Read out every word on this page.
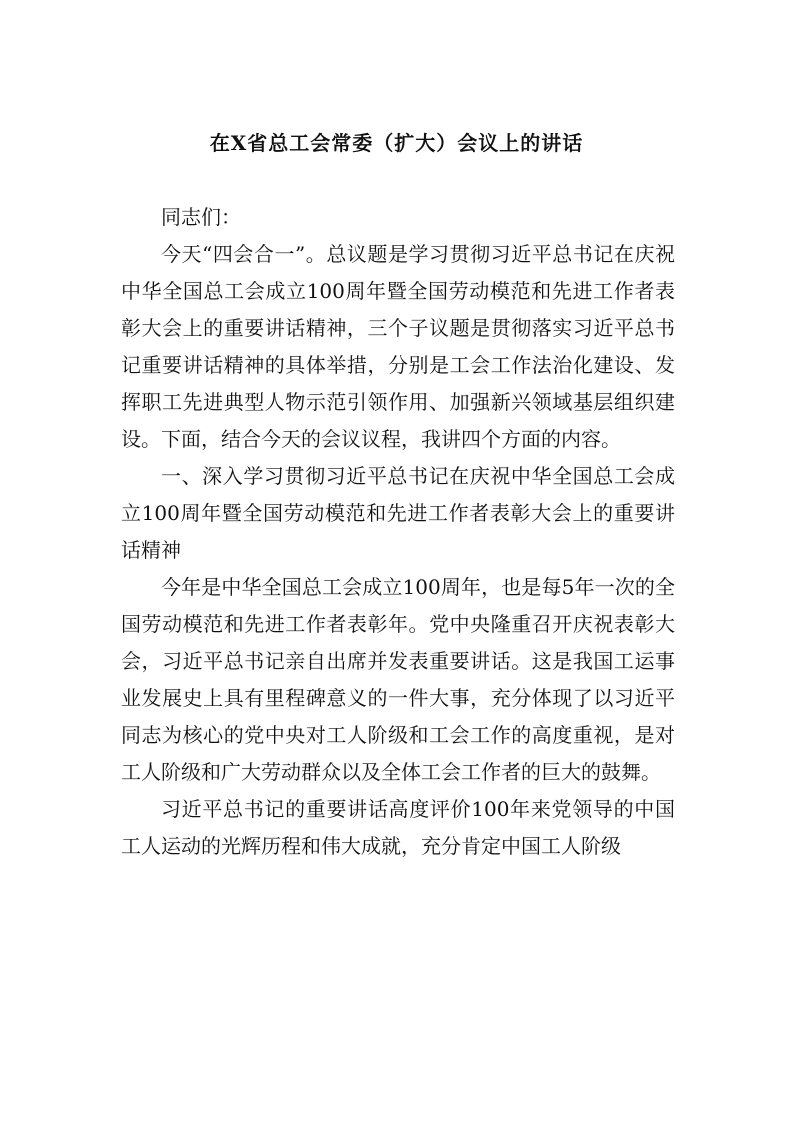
在X省总工会常委（扩大）会议上的讲话

同志们：

今天“四会合一”。总议题是学习贯彻习近平总书记在庆祝中华全国总工会成立100周年暨全国劳动模范和先进工作者表彰大会上的重要讲话精神，三个子议题是贯彻落实习近平总书记重要讲话精神的具体举措，分别是工会工作法治化建设、发挥职工先进典型人物示范引领作用、加强新兴领域基层组织建设。下面，结合今天的会议议程，我讲四个方面的内容。

一、深入学习贯彻习近平总书记在庆祝中华全国总工会成立100周年暨全国劳动模范和先进工作者表彰大会上的重要讲话精神

今年是中华全国总工会成立100周年，也是每5年一次的全国劳动模范和先进工作者表彰年。党中央隆重召开庆祝表彰大会，习近平总书记亲自出席并发表重要讲话。这是我国工运事业发展史上具有里程碑意义的一件大事，充分体现了以习近平同志为核心的党中央对工人阶级和工会工作的高度重视，是对工人阶级和广大劳动群众以及全体工会工作者的巨大的鼓舞。

习近平总书记的重要讲话高度评价100年来党领导的中国工人运动的光辉历程和伟大成就，充分肯定中国工人阶级
